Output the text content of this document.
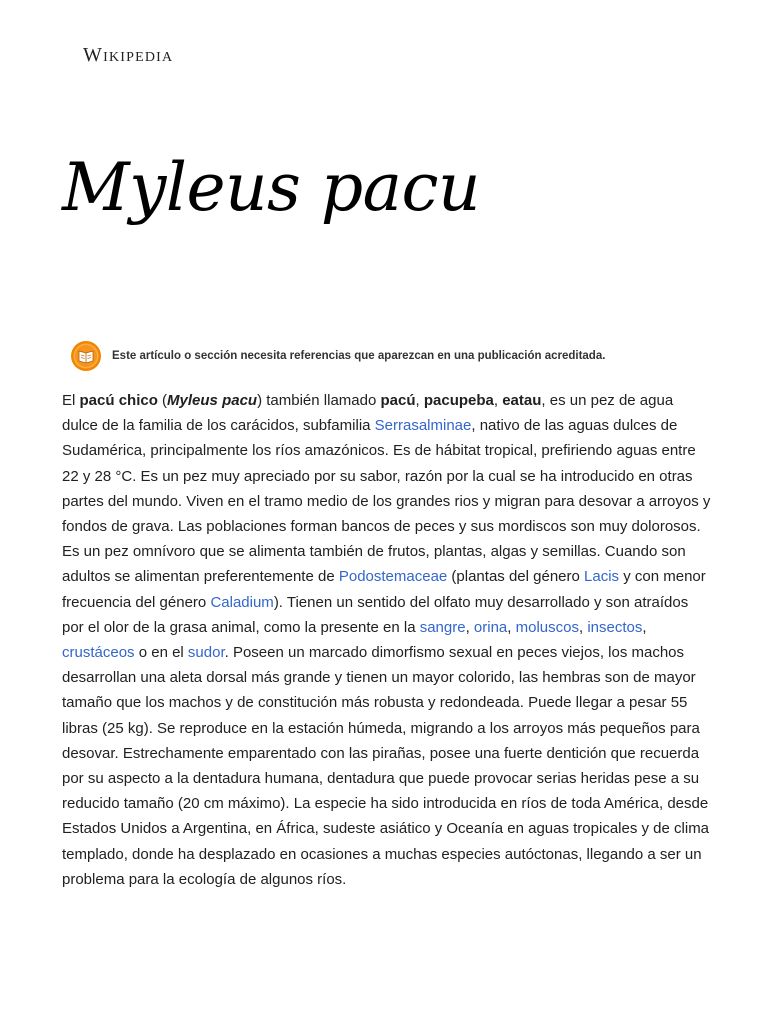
Wikipedia
Myleus pacu
Este artículo o sección necesita referencias que aparezcan en una publicación acreditada.

El pacú chico (Myleus pacu) también llamado pacú, pacupeba, eatau, es un pez de agua dulce de la familia de los carácidos, subfamilia Serrasalminae, nativo de las aguas dulces de Sudamérica, principalmente los ríos amazónicos. Es de hábitat tropical, prefiriendo aguas entre 22 y 28 °C. Es un pez muy apreciado por su sabor, razón por la cual se ha introducido en otras partes del mundo. Viven en el tramo medio de los grandes rios y migran para desovar a arroyos y fondos de grava. Las poblaciones forman bancos de peces y sus mordiscos son muy dolorosos. Es un pez omnívoro que se alimenta también de frutos, plantas, algas y semillas. Cuando son adultos se alimentan preferentemente de Podostemaceae (plantas del género Lacis y con menor frecuencia del género Caladium). Tienen un sentido del olfato muy desarrollado y son atraídos por el olor de la grasa animal, como la presente en la sangre, orina, moluscos, insectos, crustáceos o en el sudor. Poseen un marcado dimorfismo sexual en peces viejos, los machos desarrollan una aleta dorsal más grande y tienen un mayor colorido, las hembras son de mayor tamaño que los machos y de constitución más robusta y redondeada. Puede llegar a pesar 55 libras (25 kg). Se reproduce en la estación húmeda, migrando a los arroyos más pequeños para desovar. Estrechamente emparentado con las pirañas, posee una fuerte dentición que recuerda por su aspecto a la dentadura humana, dentadura que puede provocar serias heridas pese a su reducido tamaño (20 cm máximo). La especie ha sido introducida en ríos de toda América, desde Estados Unidos a Argentina, en África, sudeste asiático y Oceanía en aguas tropicales y de clima templado, donde ha desplazado en ocasiones a muchas especies autóctonas, llegando a ser un problema para la ecología de algunos ríos.
